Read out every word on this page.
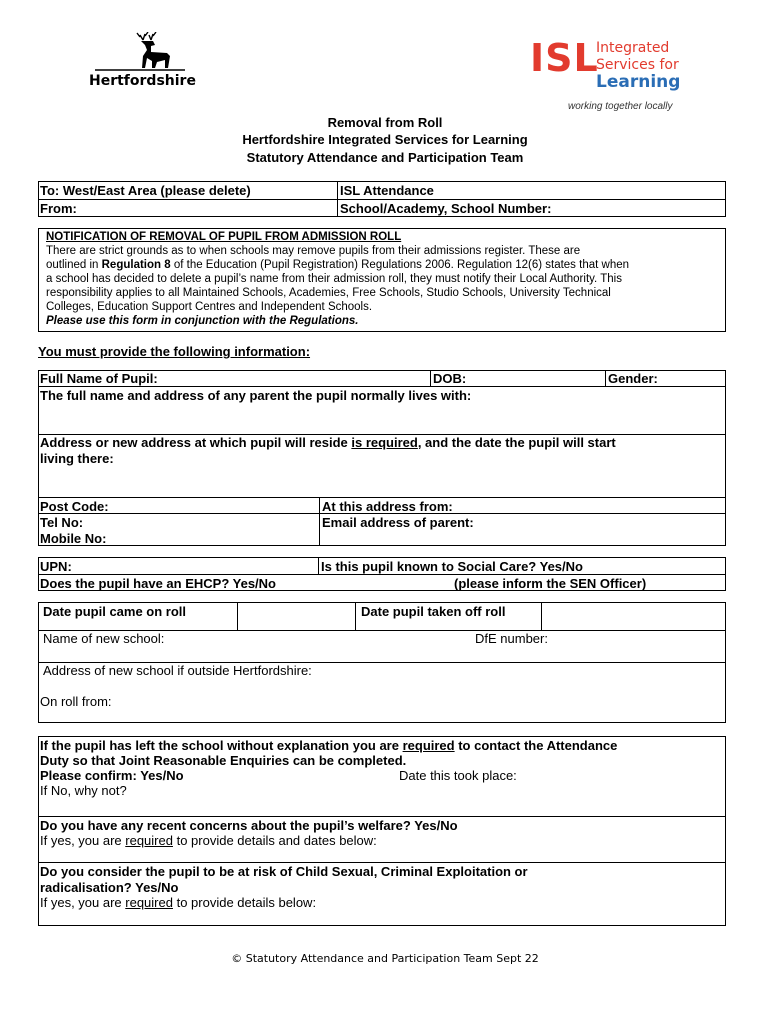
Hertfordshire
ISL
Integrated
Services for
Learning
working together locally
Removal from Roll
Hertfordshire Integrated Services for Learning
Statutory Attendance and Participation Team
To: West/East Area (please delete)	ISL Attendance
From:	School/Academy, School Number:
NOTIFICATION OF REMOVAL OF PUPIL FROM ADMISSION ROLL
There are strict grounds as to when schools may remove pupils from their admissions register. These are
outlined in Regulation 8 of the Education (Pupil Registration) Regulations 2006. Regulation 12(6) states that when
a school has decided to delete a pupil’s name from their admission roll, they must notify their Local Authority. This
responsibility applies to all Maintained Schools, Academies, Free Schools, Studio Schools, University Technical
Colleges, Education Support Centres and Independent Schools.
Please use this form in conjunction with the Regulations.
You must provide the following information:
Full Name of Pupil:	DOB:	Gender:
The full name and address of any parent the pupil normally lives with:
Address or new address at which pupil will reside is required, and the date the pupil will start
living there:
Post Code:	At this address from:
Tel No:	Email address of parent:
Mobile No:
UPN:	Is this pupil known to Social Care? Yes/No
Does the pupil have an EHCP? Yes/No	(please inform the SEN Officer)
Date pupil came on roll	Date pupil taken off roll
Name of new school:	DfE number:
Address of new school if outside Hertfordshire:
On roll from:
If the pupil has left the school without explanation you are required to contact the Attendance
Duty so that Joint Reasonable Enquiries can be completed.
Please confirm: Yes/No	Date this took place:
If No, why not?
Do you have any recent concerns about the pupil’s welfare? Yes/No
If yes, you are required to provide details and dates below:
Do you consider the pupil to be at risk of Child Sexual, Criminal Exploitation or
radicalisation? Yes/No
If yes, you are required to provide details below:
© Statutory Attendance and Participation Team Sept 22
